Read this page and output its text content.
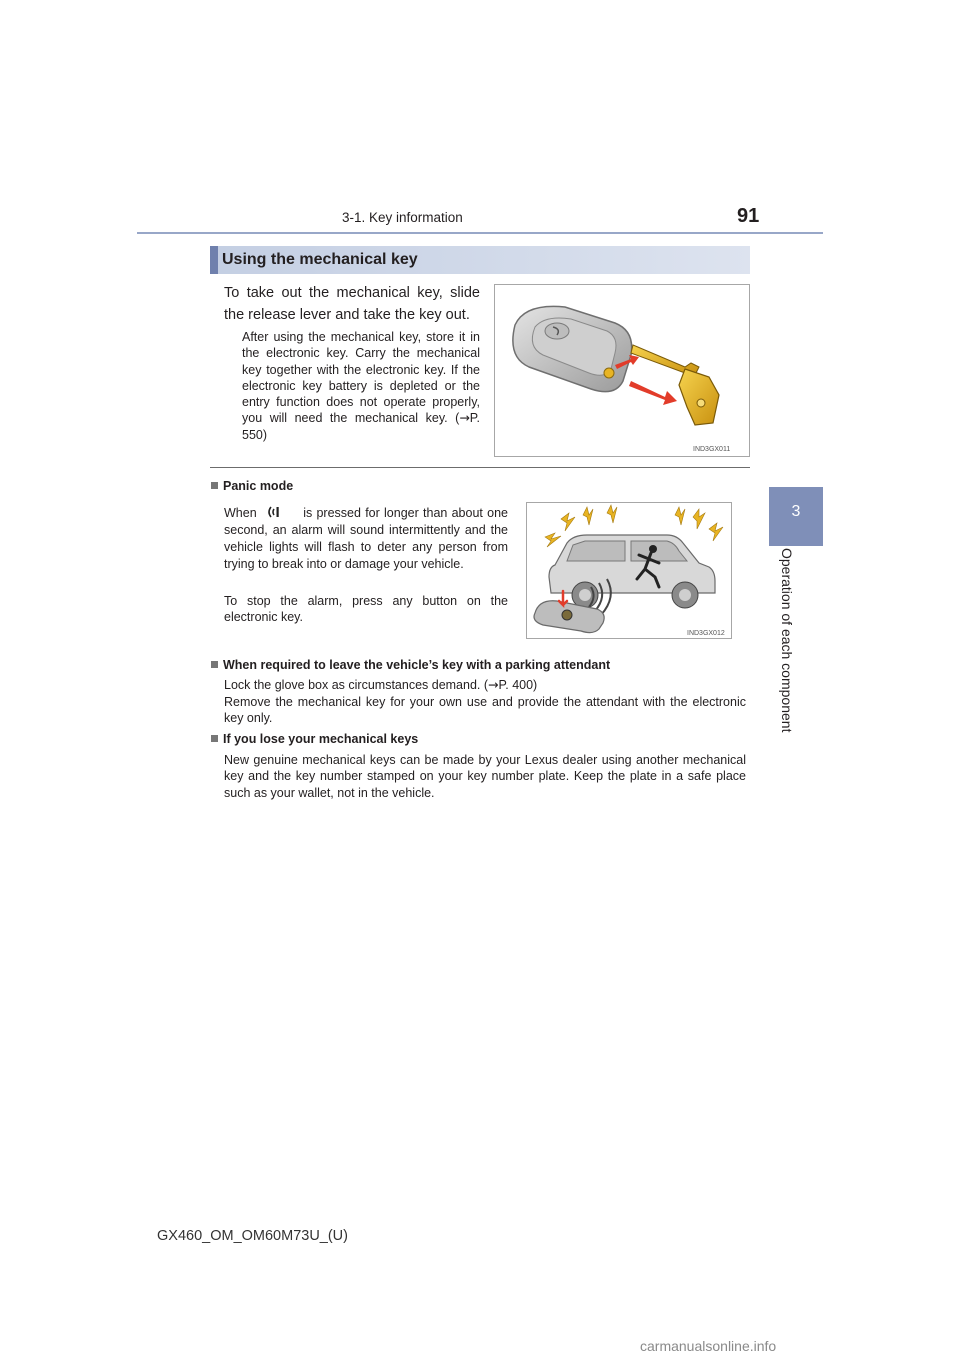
3-1. Key information	91
3
Operation of each component
Using the mechanical key
To take out the mechanical key, slide the release lever and take the key out.
After using the mechanical key, store it in the electronic key. Carry the mechanical key together with the electronic key. If the electronic key battery is depleted or the entry function does not operate properly, you will need the mechanical key. (→P. 550)
IND3GX011
Panic mode
When	is pressed for longer than about one second, an alarm will sound intermittently and the vehicle lights will flash to deter any person from trying to break into or damage your vehicle.
To stop the alarm, press any button on the electronic key.
IND3GX012
When required to leave the vehicle’s key with a parking attendant
Lock the glove box as circumstances demand. (→P. 400)
Remove the mechanical key for your own use and provide the attendant with the electronic key only.
If you lose your mechanical keys
New genuine mechanical keys can be made by your Lexus dealer using another mechanical key and the key number stamped on your key number plate. Keep the plate in a safe place such as your wallet, not in the vehicle.
GX460_OM_OM60M73U_(U)
carmanualsonline.info
